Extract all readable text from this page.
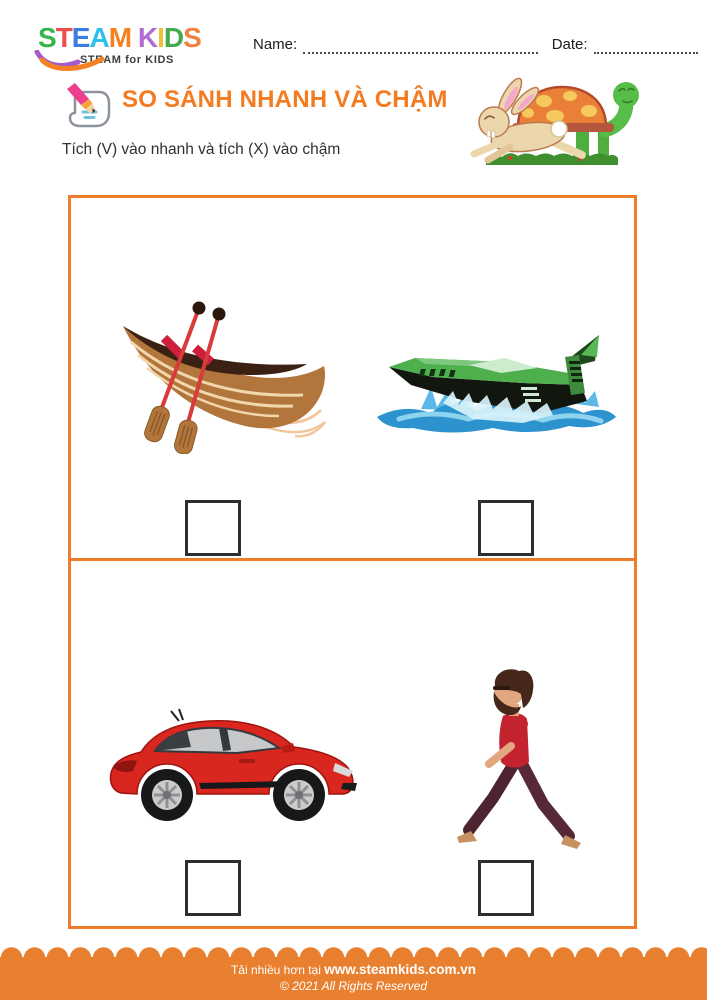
STEAM KIDS
STEAM for KIDS
Name:	Date:
SO SÁNH NHANH VÀ CHẬM
Tích (V) vào nhanh và tích (X) vào chậm
Tải nhiều hơn tại www.steamkids.com.vn
© 2021 All Rights Reserved
